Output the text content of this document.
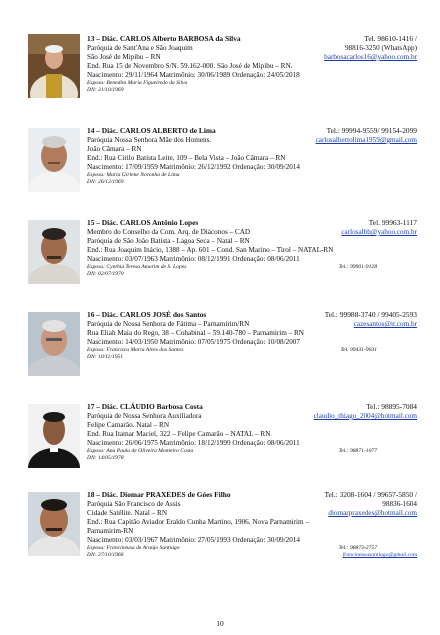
13 – Diác. CARLOS Alberto BARBOSA da Silva	Tel. 98610-1416 /
Paróquia de Sant'Ana e São Joaquim	98816-3250 (WhatsApp)
São José de Mipibu – RN	barbosacarlos16@yahoo.com.br
End. Rua 15 de Novembro S/N. 59.162-000. São José de Mipibu – RN.
Nascimento: 29/11/1964 Matrimônio: 30/06/1989 Ordenação: 24/05/2018
Esposa: Benedita Maria Figueiredo da Silva
DN: 31/10/1969
14 – Diác. CARLOS ALBERTO de Lima	Tel.: 99994-9559/ 99154-2099
Paróquia Nossa Senhora Mãe dos Homens.	carlosalbertolima1959@gmail.com
João Câmara – RN
End.: Rua Cirilo Batista Leite, 109 – Bela Vista – João Câmara – RN
Nascimento: 17/09/1959 Matrimônio: 26/12/1992 Ordenação: 30/09/2014
Esposa: Maria Girlene Noronha de Lima
DN: 26/12/1969
15 – Diác. CARLOS Antônio Lopes	Tel. 99963-1117
Membro do Conselho da Com. Arq. de Diáconos – CAD	carlosalbb@yahoo.com.br
Paróquia de São João Batista - Lagoa Seca – Natal – RN
End.: Rua Joaquim Inácio, 1388 – Ap. 601 – Cond. San Marino – Tirol – NATAL-RN
Nascimento: 03/07/1963 Matrimônio: 08/12/1991 Ordenação: 08/06/2011
Esposa: Cynthia Teresa Amorim de S. Lopes	Tel.: 99901-9128
DN: 02/07/1970
16 – Diác. CARLOS JOSÉ dos Santos	Tel.: 99988-3740 / 99405-2593
Paróquia de Nossa Senhora de Fátima – Parnamirim/RN	cazesantos@ir.com.br
Rua Eliah Maia do Rego, 38 – Cohabinal – 59.140-780 – Parnamirim – RN
Nascimento: 14/03/1950 Matrimônio: 07/05/1975 Ordenação: 10/08/2007
Esposa: Francisca Maria Alves dos Santos	Tel. 99431-9031
DN: 10/11/1951
17 – Diác. CLÁUDIO Barbosa Costa	Tel.: 98895-7084
Paróquia de Nossa Senhora Auxiliadora	claudio_thiago_2004@hotmail.com
Felipe Camarão. Natal – RN
End. Rua Itamar Maciel, 322 – Felipe Camarão – NATAL – RN
Nascimento: 26/06/1975 Matrimônio: 18/12/1999 Ordenação: 08/06/2011
Esposa: Ana Paula de Oliveira Monteiro Costa	Tel.: 98871-1077
DN: 14/05/1978
18 – Diác. Diomar PRAXEDES de Góes Filho	Tel.: 3208-1604 / 99657-5850 /
Paróquia São Francisco de Assis	98836-1604
Cidade Satélite. Natal – RN	diomarpraxedes@hotmail.com
End.: Rua Capitão Aviador Eraldo Cunha Martino, 1906. Nova Parnamirim –
Parnamirim-RN
Nascimento: 03/03/1967 Matrimônio: 27/05/1993 Ordenação: 30/09/2014
Esposa: Francineusa de Araújo Santiago	Tel.: 98873-2757
DN: 27/10/1966	francineusasantiago@gmail.com
10
